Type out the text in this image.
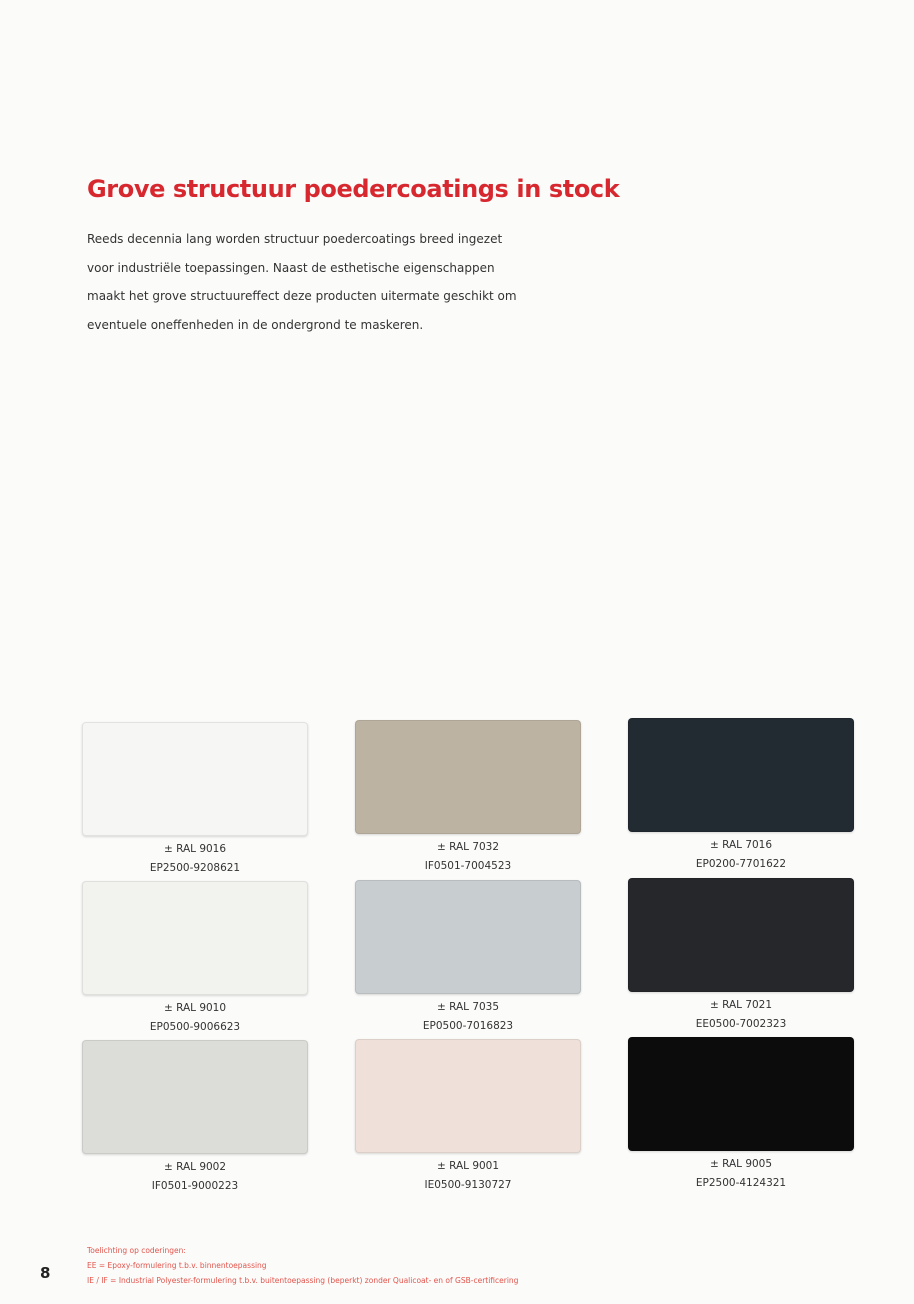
Grove structuur poedercoatings in stock
Reeds decennia lang worden structuur poedercoatings breed ingezet
voor industriële toepassingen. Naast de esthetische eigenschappen
maakt het grove structuureffect deze producten uitermate geschikt om
eventuele oneffenheden in de ondergrond te maskeren.
± RAL 9016
EP2500-9208621
± RAL 7032
IF0501-7004523
± RAL 7016
EP0200-7701622
± RAL 9010
EP0500-9006623
± RAL 7035
EP0500-7016823
± RAL 7021
EE0500-7002323
± RAL 9002
IF0501-9000223
± RAL 9001
IE0500-9130727
± RAL 9005
EP2500-4124321
Toelichting op coderingen:
EE = Epoxy-formulering t.b.v. binnentoepassing
IE / IF = Industrial Polyester-formulering t.b.v. buitentoepassing (beperkt) zonder Qualicoat- en of GSB-certificering
8
